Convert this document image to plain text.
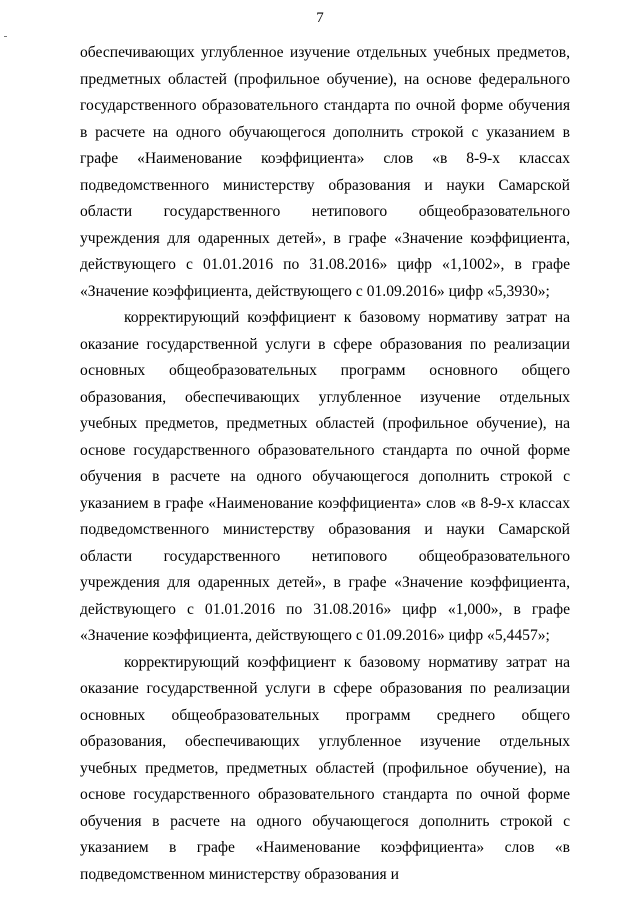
7

обеспечивающих углубленное изучение отдельных учебных предметов, предметных областей (профильное обучение), на основе федерального государственного образовательного стандарта по очной форме обучения в расчете на одного обучающегося дополнить строкой с указанием в графе «Наименование коэффициента» слов «в 8-9-х классах подведомственного министерству образования и науки Самарской области государственного нетипового общеобразовательного учреждения для одаренных детей», в графе «Значение коэффициента, действующего с 01.01.2016 по 31.08.2016» цифр «1,1002», в графе «Значение коэффициента, действующего с 01.09.2016» цифр «5,3930»;

корректирующий коэффициент к базовому нормативу затрат на оказание государственной услуги в сфере образования по реализации основных общеобразовательных программ основного общего образования, обеспечивающих углубленное изучение отдельных учебных предметов, предметных областей (профильное обучение), на основе государственного образовательного стандарта по очной форме обучения в расчете на одного обучающегося дополнить строкой с указанием в графе «Наименование коэффициента» слов «в 8-9-х классах подведомственного министерству образования и науки Самарской области государственного нетипового общеобразовательного учреждения для одаренных детей», в графе «Значение коэффициента, действующего с 01.01.2016 по 31.08.2016» цифр «1,000», в графе «Значение коэффициента, действующего с 01.09.2016» цифр «5,4457»;

корректирующий коэффициент к базовому нормативу затрат на оказание государственной услуги в сфере образования по реализации основных общеобразовательных программ среднего общего образования, обеспечивающих углубленное изучение отдельных учебных предметов, предметных областей (профильное обучение), на основе государственного образовательного стандарта по очной форме обучения в расчете на одного обучающегося дополнить строкой с указанием в графе «Наименование коэффициента» слов «в подведомственном министерству образования и
